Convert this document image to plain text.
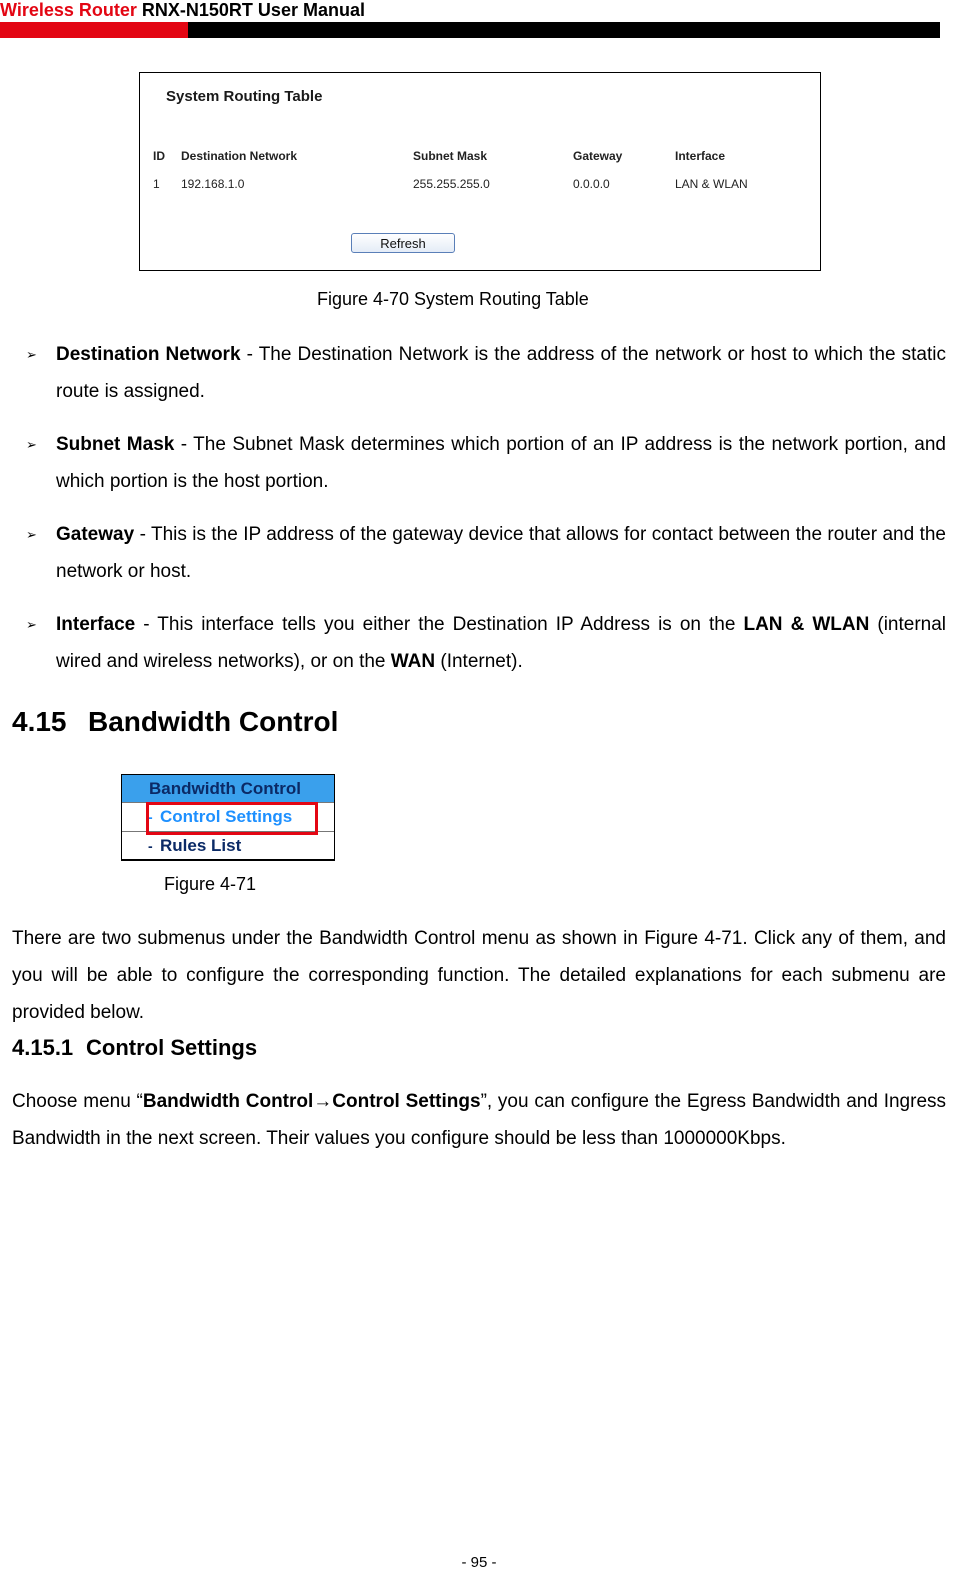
Wireless Router RNX-N150RT User Manual
System Routing Table
ID Destination Network	Subnet Mask	Gateway	Interface
1 192.168.1.0	255.255.255.0	0.0.0.0	LAN & WLAN
Refresh
Figure 4-70 System Routing Table
➢ Destination Network - The Destination Network is the address of the network or host to which the static route is assigned.
➢ Subnet Mask - The Subnet Mask determines which portion of an IP address is the network portion, and which portion is the host portion.
➢ Gateway - This is the IP address of the gateway device that allows for contact between the router and the network or host.
➢ Interface - This interface tells you either the Destination IP Address is on the LAN & WLAN (internal wired and wireless networks), or on the WAN (Internet).
4.15 Bandwidth Control
Bandwidth Control
- Control Settings
- Rules List
Figure 4-71
There are two submenus under the Bandwidth Control menu as shown in Figure 4-71. Click any of them, and you will be able to configure the corresponding function. The detailed explanations for each submenu are provided below.
4.15.1 Control Settings
Choose menu “Bandwidth Control→Control Settings”, you can configure the Egress Bandwidth and Ingress Bandwidth in the next screen. Their values you configure should be less than 1000000Kbps.
- 95 -
